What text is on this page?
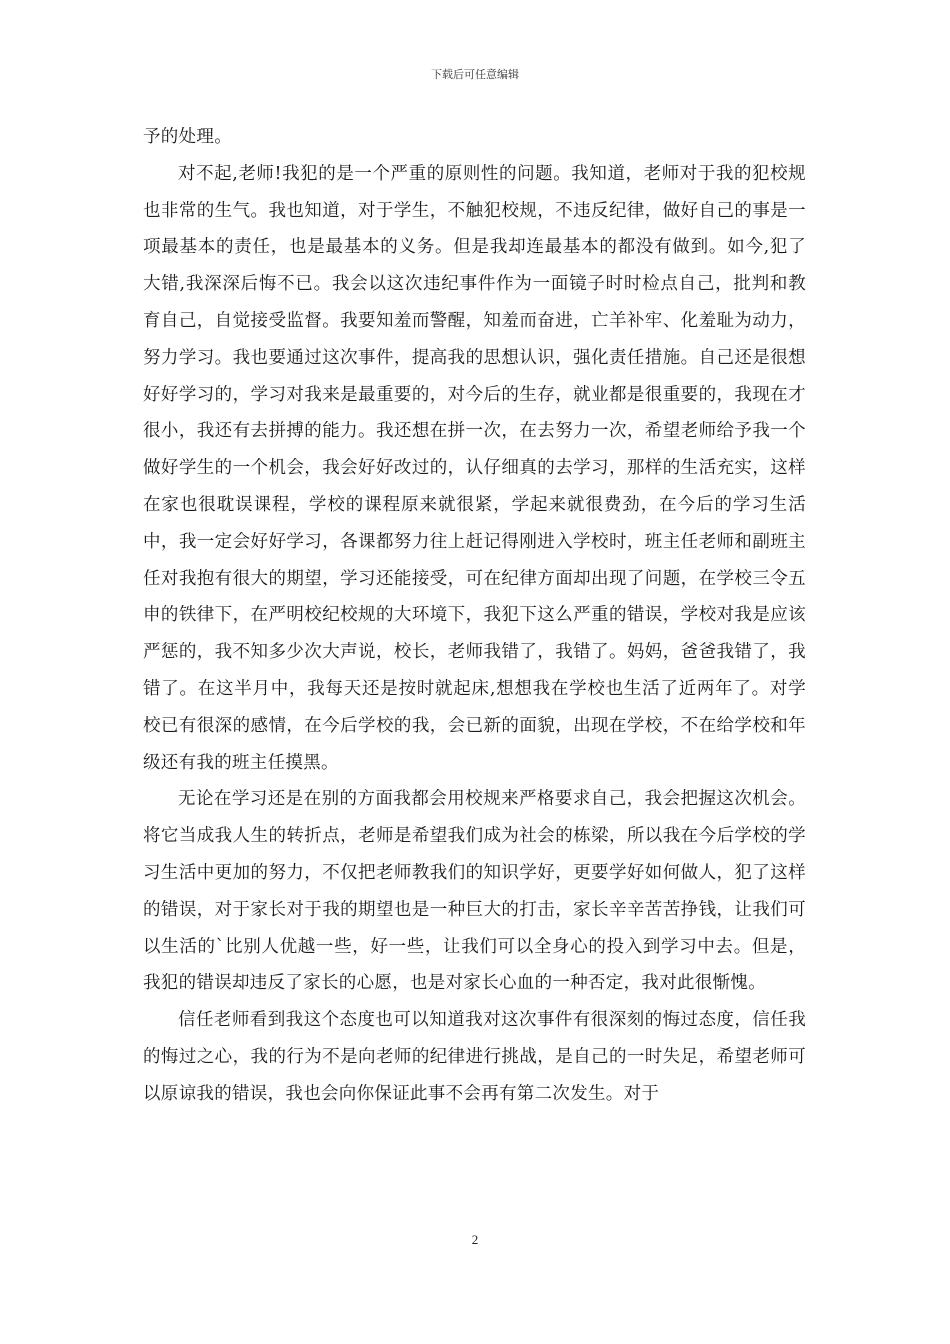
下载后可任意编辑

予的处理。

对不起,老师!我犯的是一个严重的原则性的问题。我知道，老师对于我的犯校规也非常的生气。我也知道，对于学生，不触犯校规，不违反纪律，做好自己的事是一项最基本的责任，也是最基本的义务。但是我却连最基本的都没有做到。如今,犯了大错,我深深后悔不已。我会以这次违纪事件作为一面镜子时时检点自己，批判和教育自己，自觉接受监督。我要知羞而警醒，知羞而奋进，亡羊补牢、化羞耻为动力，努力学习。我也要通过这次事件，提高我的思想认识，强化责任措施。自己还是很想好好学习的，学习对我来是最重要的，对今后的生存，就业都是很重要的，我现在才很小，我还有去拼搏的能力。我还想在拼一次，在去努力一次，希望老师给予我一个做好学生的一个机会，我会好好改过的，认仔细真的去学习，那样的生活充实，这样在家也很耽误课程，学校的课程原来就很紧，学起来就很费劲，在今后的学习生活中，我一定会好好学习，各课都努力往上赶记得刚进入学校时，班主任老师和副班主任对我抱有很大的期望，学习还能接受，可在纪律方面却出现了问题，在学校三令五申的铁律下，在严明校纪校规的大环境下，我犯下这么严重的错误，学校对我是应该严惩的，我不知多少次大声说，校长，老师我错了，我错了。妈妈，爸爸我错了，我错了。在这半月中，我每天还是按时就起床,想想我在学校也生活了近两年了。对学校已有很深的感情，在今后学校的我，会已新的面貌，出现在学校，不在给学校和年级还有我的班主任摸黑。

无论在学习还是在别的方面我都会用校规来严格要求自己，我会把握这次机会。将它当成我人生的转折点，老师是希望我们成为社会的栋梁，所以我在今后学校的学习生活中更加的努力，不仅把老师教我们的知识学好，更要学好如何做人，犯了这样的错误，对于家长对于我的期望也是一种巨大的打击，家长辛辛苦苦挣钱，让我们可以生活的`比别人优越一些，好一些，让我们可以全身心的投入到学习中去。但是，我犯的错误却违反了家长的心愿，也是对家长心血的一种否定，我对此很惭愧。

信任老师看到我这个态度也可以知道我对这次事件有很深刻的悔过态度，信任我的悔过之心，我的行为不是向老师的纪律进行挑战，是自己的一时失足，希望老师可以原谅我的错误，我也会向你保证此事不会再有第二次发生。对于

2
